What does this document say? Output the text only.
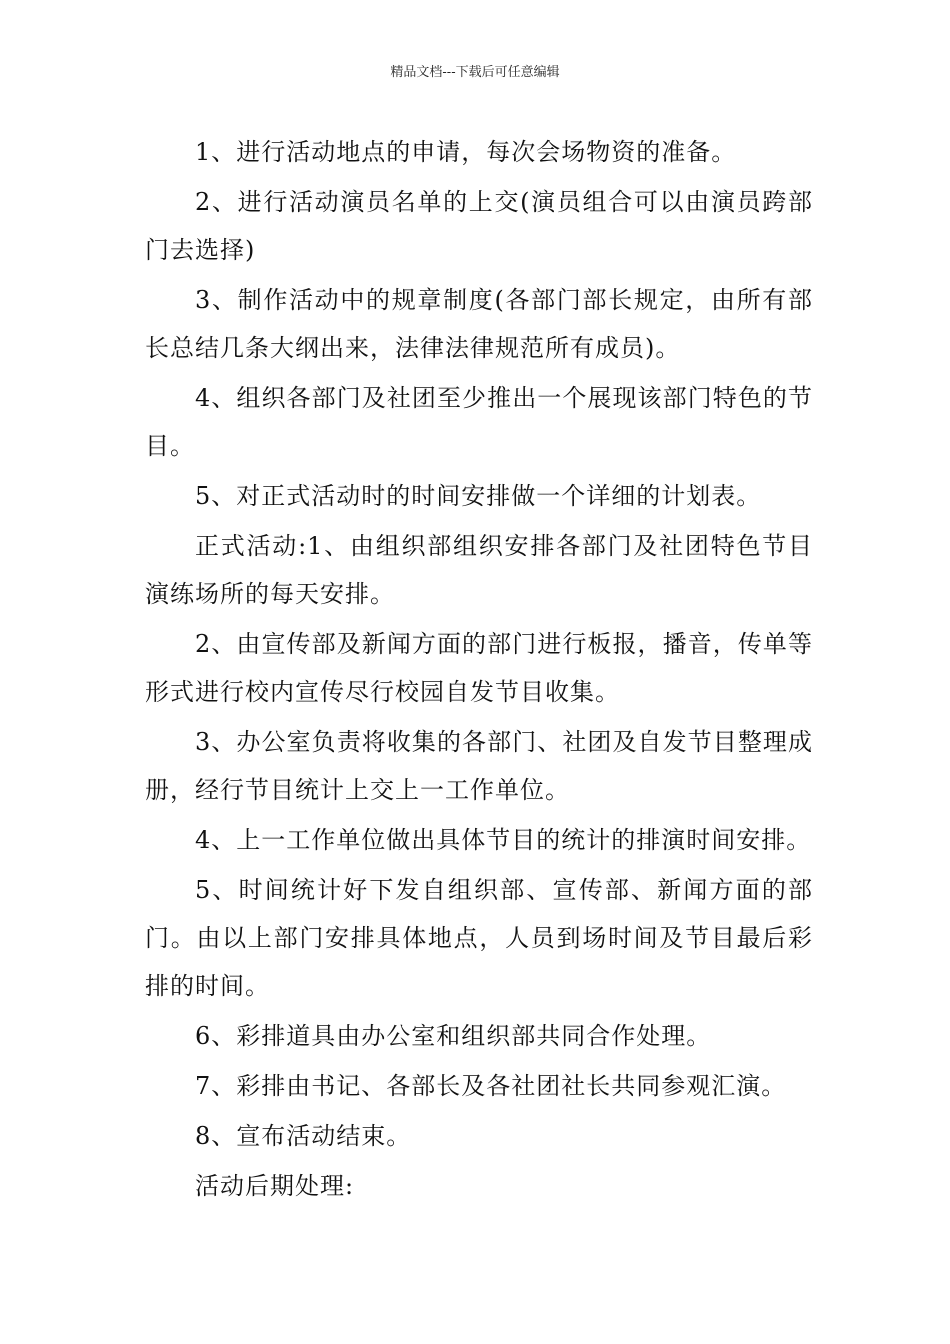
精品文档---下载后可任意编辑

1、进行活动地点的申请，每次会场物资的准备。

2、进行活动演员名单的上交(演员组合可以由演员跨部门去选择)

3、制作活动中的规章制度(各部门部长规定，由所有部长总结几条大纲出来，法律法律规范所有成员)。

4、组织各部门及社团至少推出一个展现该部门特色的节目。

5、对正式活动时的时间安排做一个详细的计划表。

正式活动:1、由组织部组织安排各部门及社团特色节目演练场所的每天安排。

2、由宣传部及新闻方面的部门进行板报，播音，传单等形式进行校内宣传尽行校园自发节目收集。

3、办公室负责将收集的各部门、社团及自发节目整理成册，经行节目统计上交上一工作单位。

4、上一工作单位做出具体节目的统计的排演时间安排。

5、时间统计好下发自组织部、宣传部、新闻方面的部门。由以上部门安排具体地点，人员到场时间及节目最后彩排的时间。

6、彩排道具由办公室和组织部共同合作处理。

7、彩排由书记、各部长及各社团社长共同参观汇演。

8、宣布活动结束。

活动后期处理:
